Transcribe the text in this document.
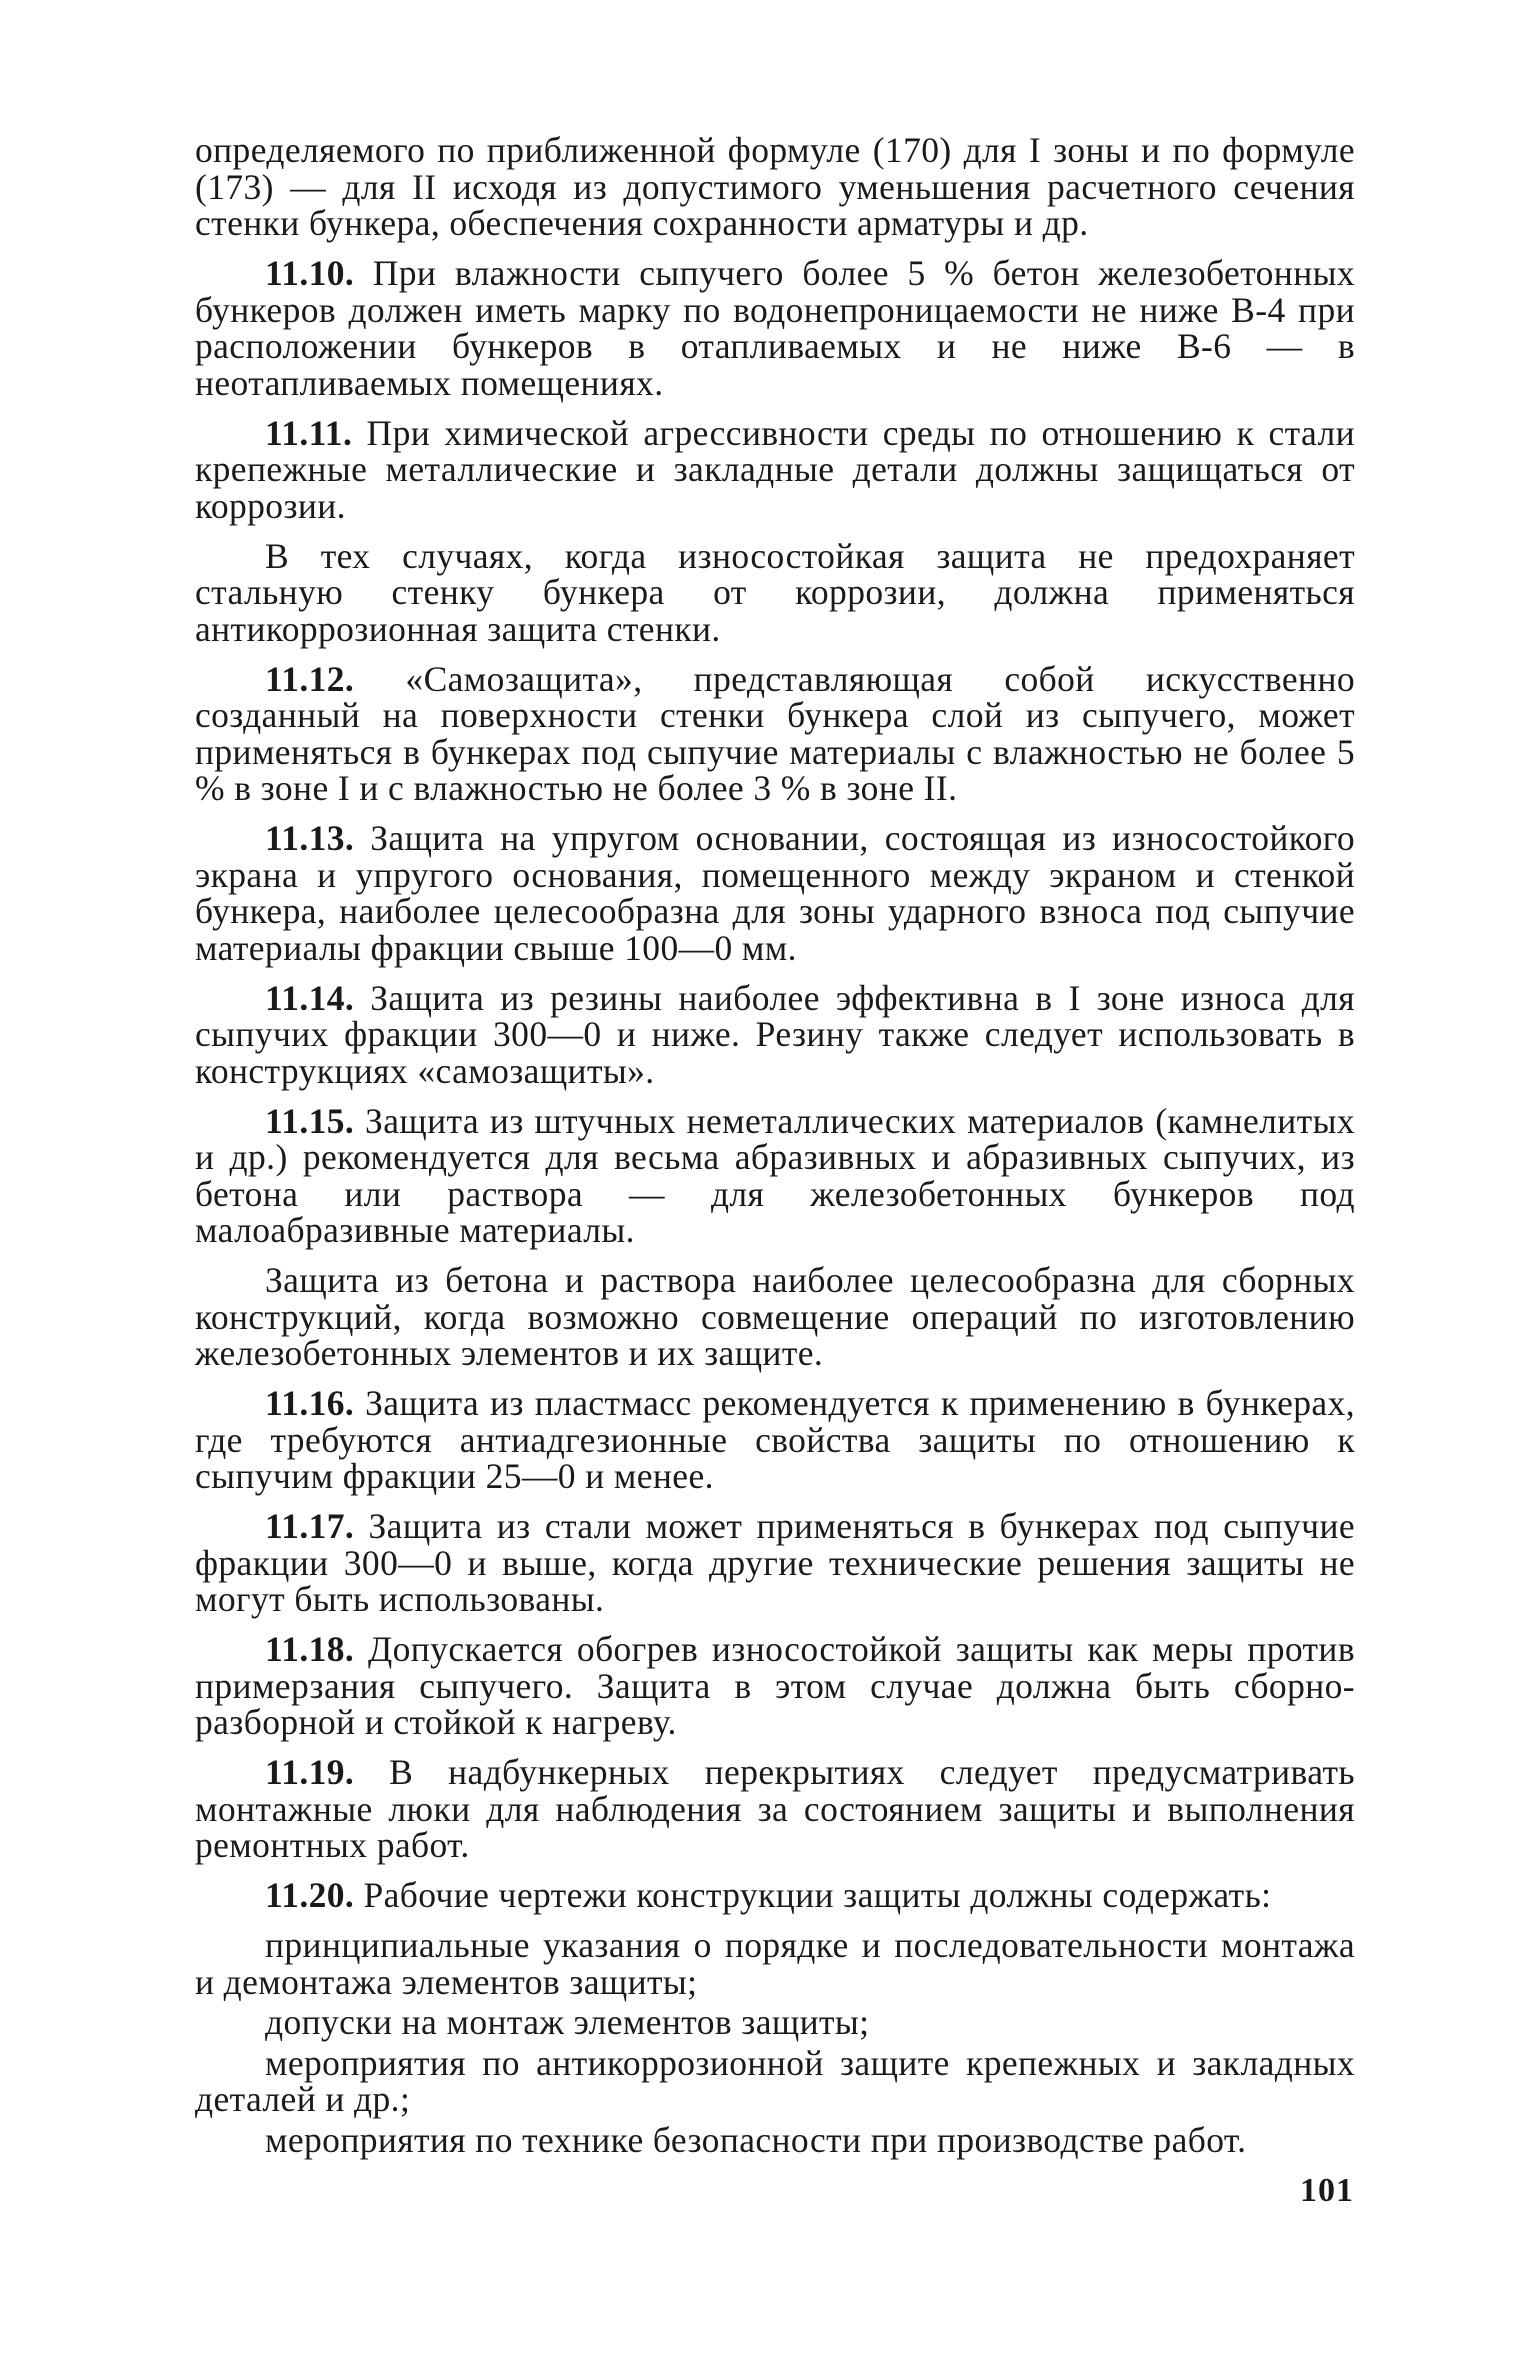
определяемого по приближенной формуле (170) для I зоны и по формуле (173) — для II исходя из допустимого уменьшения расчетного сечения стенки бункера, обеспечения сохранности арматуры и др.

11.10. При влажности сыпучего более 5 % бетон железобетонных бункеров должен иметь марку по водонепроницаемости не ниже В-4 при расположении бункеров в отапливаемых и не ниже В-6 — в неотапливаемых помещениях.

11.11. При химической агрессивности среды по отношению к стали крепежные металлические и закладные детали должны защищаться от коррозии.

В тех случаях, когда износостойкая защита не предохраняет стальную стенку бункера от коррозии, должна применяться антикоррозионная защита стенки.

11.12. «Самозащита», представляющая собой искусственно созданный на поверхности стенки бункера слой из сыпучего, может применяться в бункерах под сыпучие материалы с влажностью не более 5 % в зоне I и с влажностью не более 3 % в зоне II.

11.13. Защита на упругом основании, состоящая из износостойкого экрана и упругого основания, помещенного между экраном и стенкой бункера, наиболее целесообразна для зоны ударного взноса под сыпучие материалы фракции свыше 100—0 мм.

11.14. Защита из резины наиболее эффективна в I зоне износа для сыпучих фракции 300—0 и ниже. Резину также следует использовать в конструкциях «самозащиты».

11.15. Защита из штучных неметаллических материалов (камнелитых и др.) рекомендуется для весьма абразивных и абразивных сыпучих, из бетона или раствора — для железобетонных бункеров под малоабразивные материалы.

Защита из бетона и раствора наиболее целесообразна для сборных конструкций, когда возможно совмещение операций по изготовлению железобетонных элементов и их защите.

11.16. Защита из пластмасс рекомендуется к применению в бункерах, где требуются антиадгезионные свойства защиты по отношению к сыпучим фракции 25—0 и менее.

11.17. Защита из стали может применяться в бункерах под сыпучие фракции 300—0 и выше, когда другие технические решения защиты не могут быть использованы.

11.18. Допускается обогрев износостойкой защиты как меры против примерзания сыпучего. Защита в этом случае должна быть сборно-разборной и стойкой к нагреву.

11.19. В надбункерных перекрытиях следует предусматривать монтажные люки для наблюдения за состоянием защиты и выполнения ремонтных работ.

11.20. Рабочие чертежи конструкции защиты должны содержать:

принципиальные указания о порядке и последовательности монтажа и демонтажа элементов защиты;

допуски на монтаж элементов защиты;

мероприятия по антикоррозионной защите крепежных и закладных деталей и др.;

мероприятия по технике безопасности при производстве работ.

101
